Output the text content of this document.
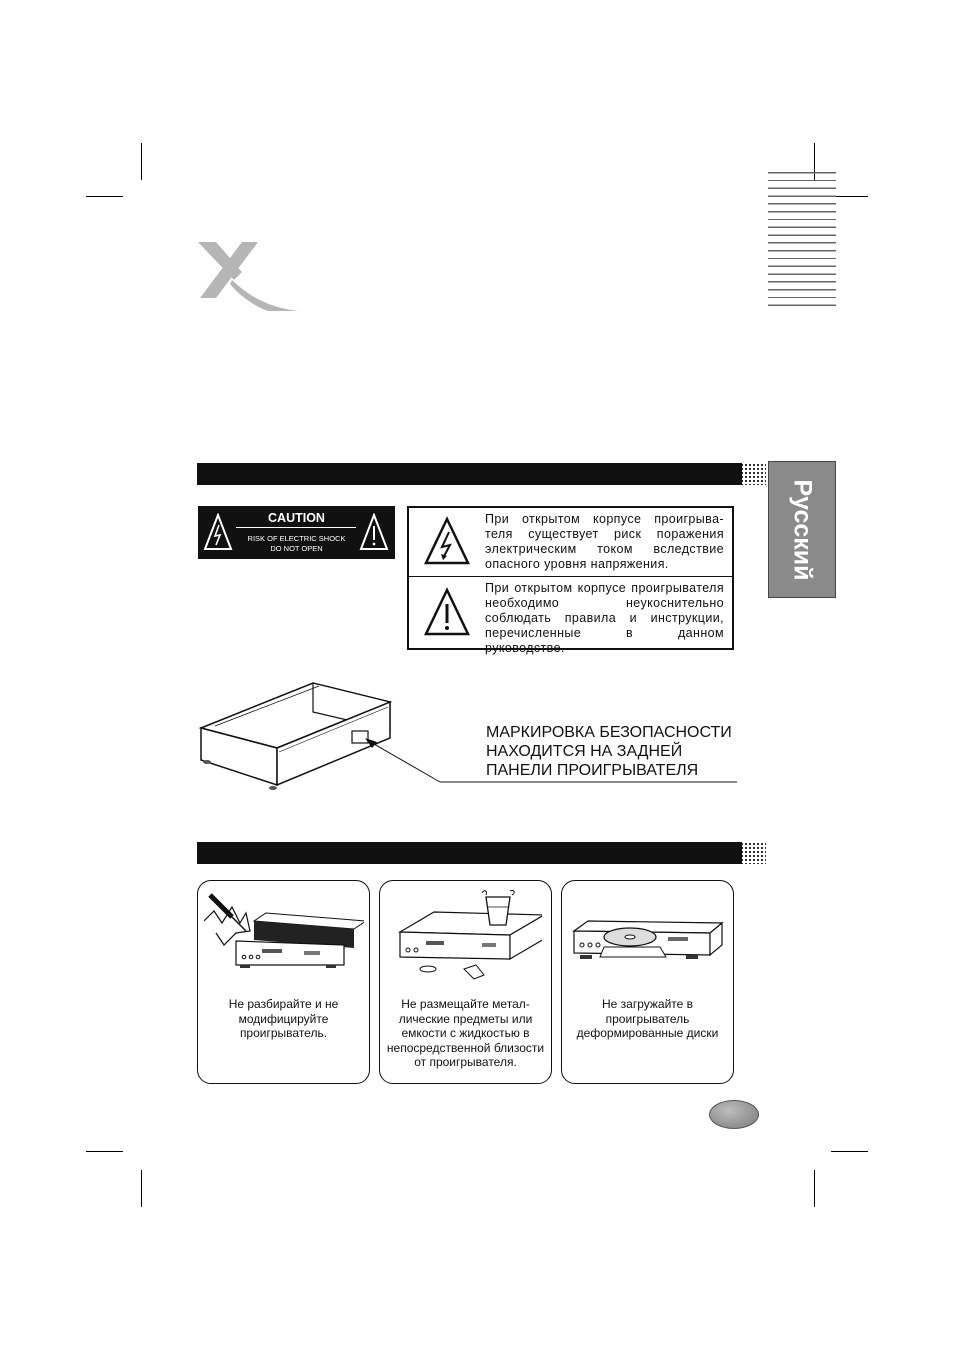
Русский
CAUTION
RISK OF ELECTRIC SHOCK
DO NOT OPEN
При открытом корпусе проигрыва-теля существует риск поражения электрическим током вследствие опасного уровня напряжения.
При открытом корпусе проигрывателя необходимо неукоснительно соблюдать правила и инструкции, перечисленные в данном руководстве.
МАРКИРОВКА БЕЗОПАСНОСТИ
НАХОДИТСЯ НА ЗАДНЕЙ
ПАНЕЛИ ПРОИГРЫВАТЕЛЯ
Не разбирайте и не модифицируйте проигрыватель.
Не размещайте метал-лические предметы или емкости с жидкостью в непосредственной близости от проигрывателя.
Не загружайте в проигрыватель деформированные диски
